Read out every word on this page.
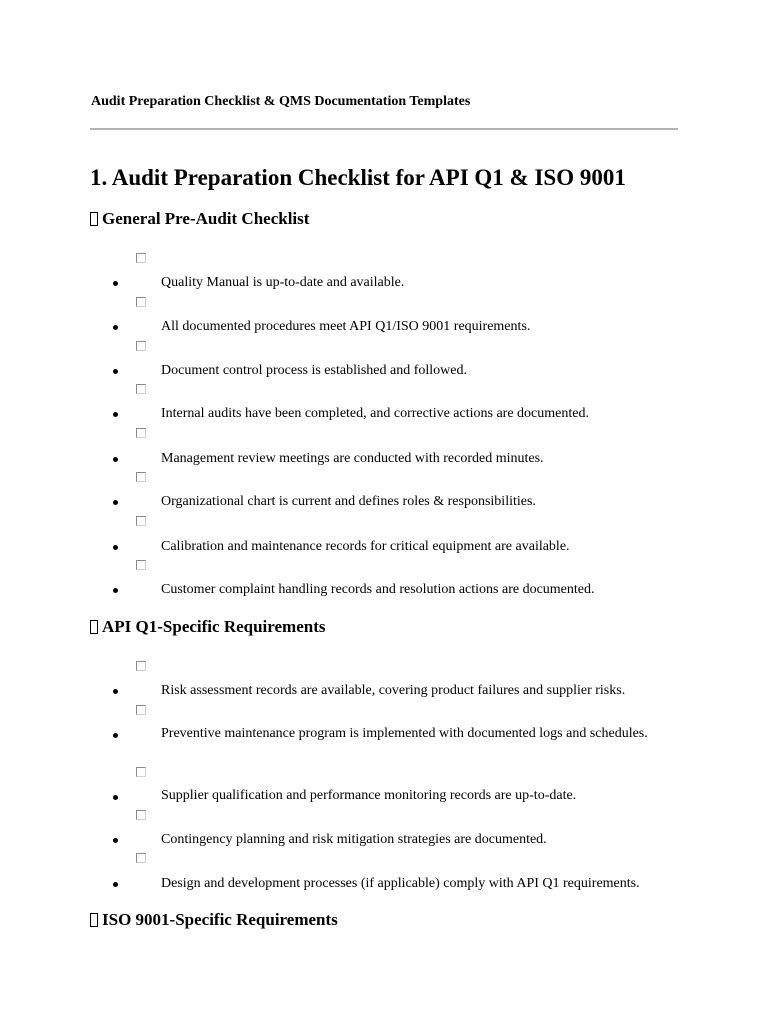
Audit Preparation Checklist & QMS Documentation Templates
1. Audit Preparation Checklist for API Q1 & ISO 9001
General Pre-Audit Checklist
Quality Manual is up-to-date and available.
All documented procedures meet API Q1/ISO 9001 requirements.
Document control process is established and followed.
Internal audits have been completed, and corrective actions are documented.
Management review meetings are conducted with recorded minutes.
Organizational chart is current and defines roles & responsibilities.
Calibration and maintenance records for critical equipment are available.
Customer complaint handling records and resolution actions are documented.
API Q1-Specific Requirements
Risk assessment records are available, covering product failures and supplier risks.
Preventive maintenance program is implemented with documented logs and schedules.
Supplier qualification and performance monitoring records are up-to-date.
Contingency planning and risk mitigation strategies are documented.
Design and development processes (if applicable) comply with API Q1 requirements.
ISO 9001-Specific Requirements
